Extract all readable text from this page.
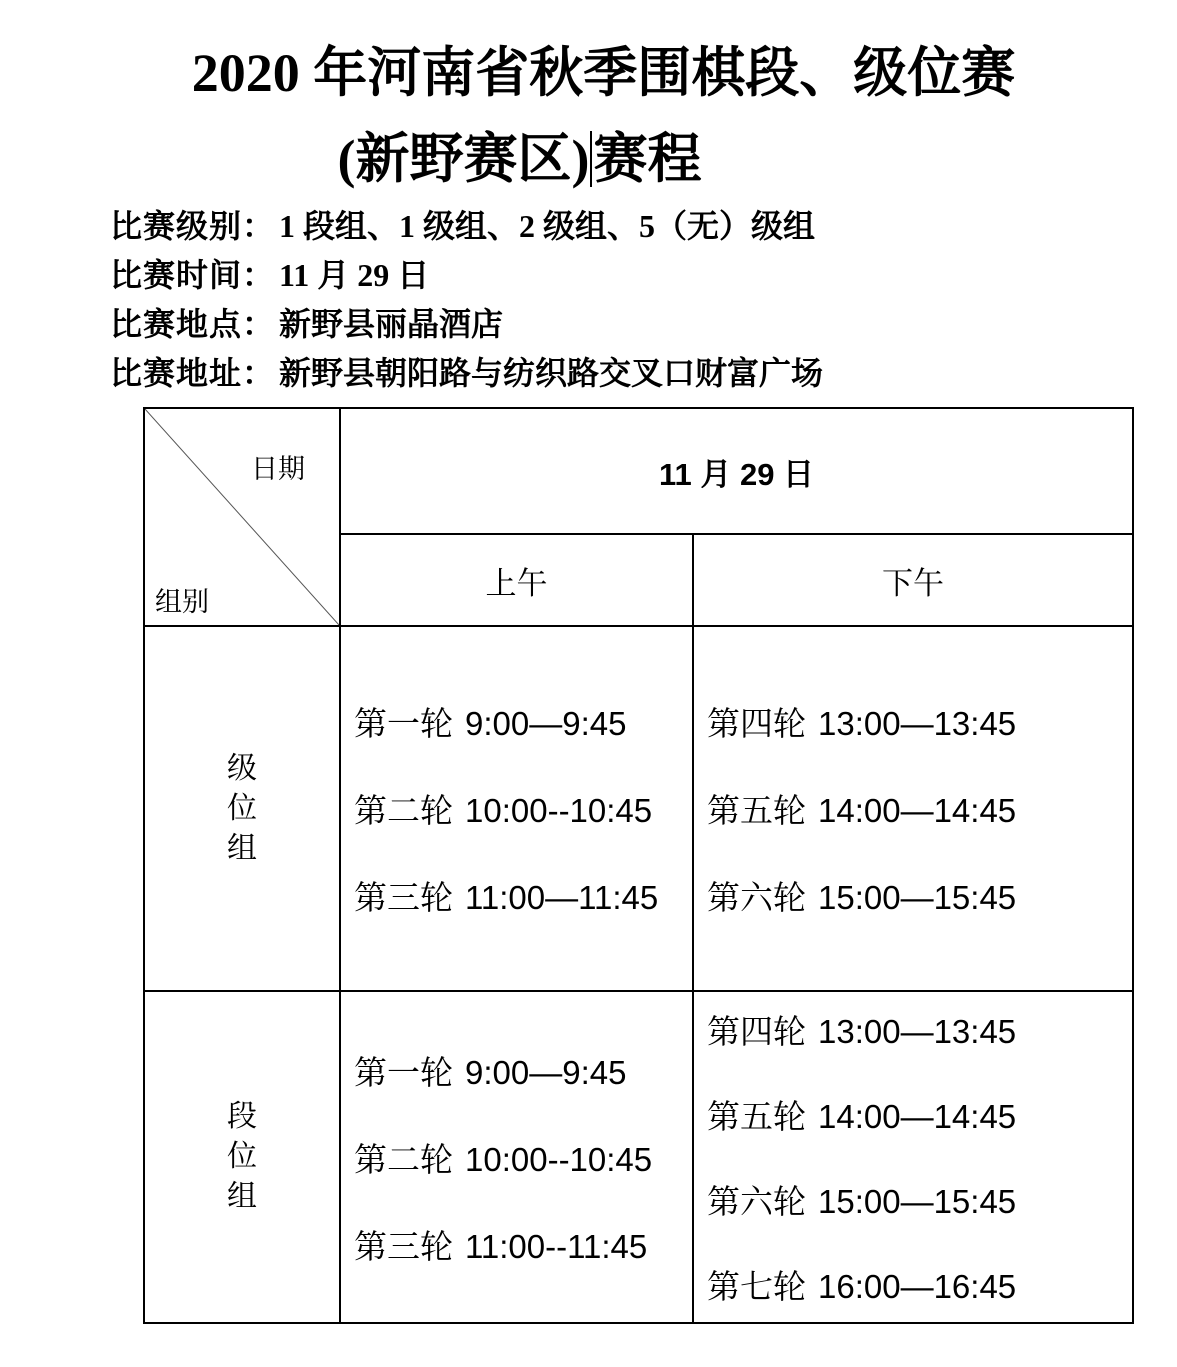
2020 年河南省秋季围棋段、级位赛
(新野赛区)赛程
比赛级别： 1 段组、1 级组、2 级组、5（无）级组
比赛时间： 11 月 29 日
比赛地点： 新野县丽晶酒店
比赛地址： 新野县朝阳路与纺织路交叉口财富广场
日期
组别
11 月 29 日
上午	下午
级位组
第一轮 9:00—9:45
第二轮 10:00--10:45
第三轮 11:00—11:45
第四轮 13:00—13:45
第五轮 14:00—14:45
第六轮 15:00—15:45
段位组
第一轮 9:00—9:45
第二轮 10:00--10:45
第三轮 11:00--11:45
第四轮 13:00—13:45
第五轮 14:00—14:45
第六轮 15:00—15:45
第七轮 16:00—16:45
